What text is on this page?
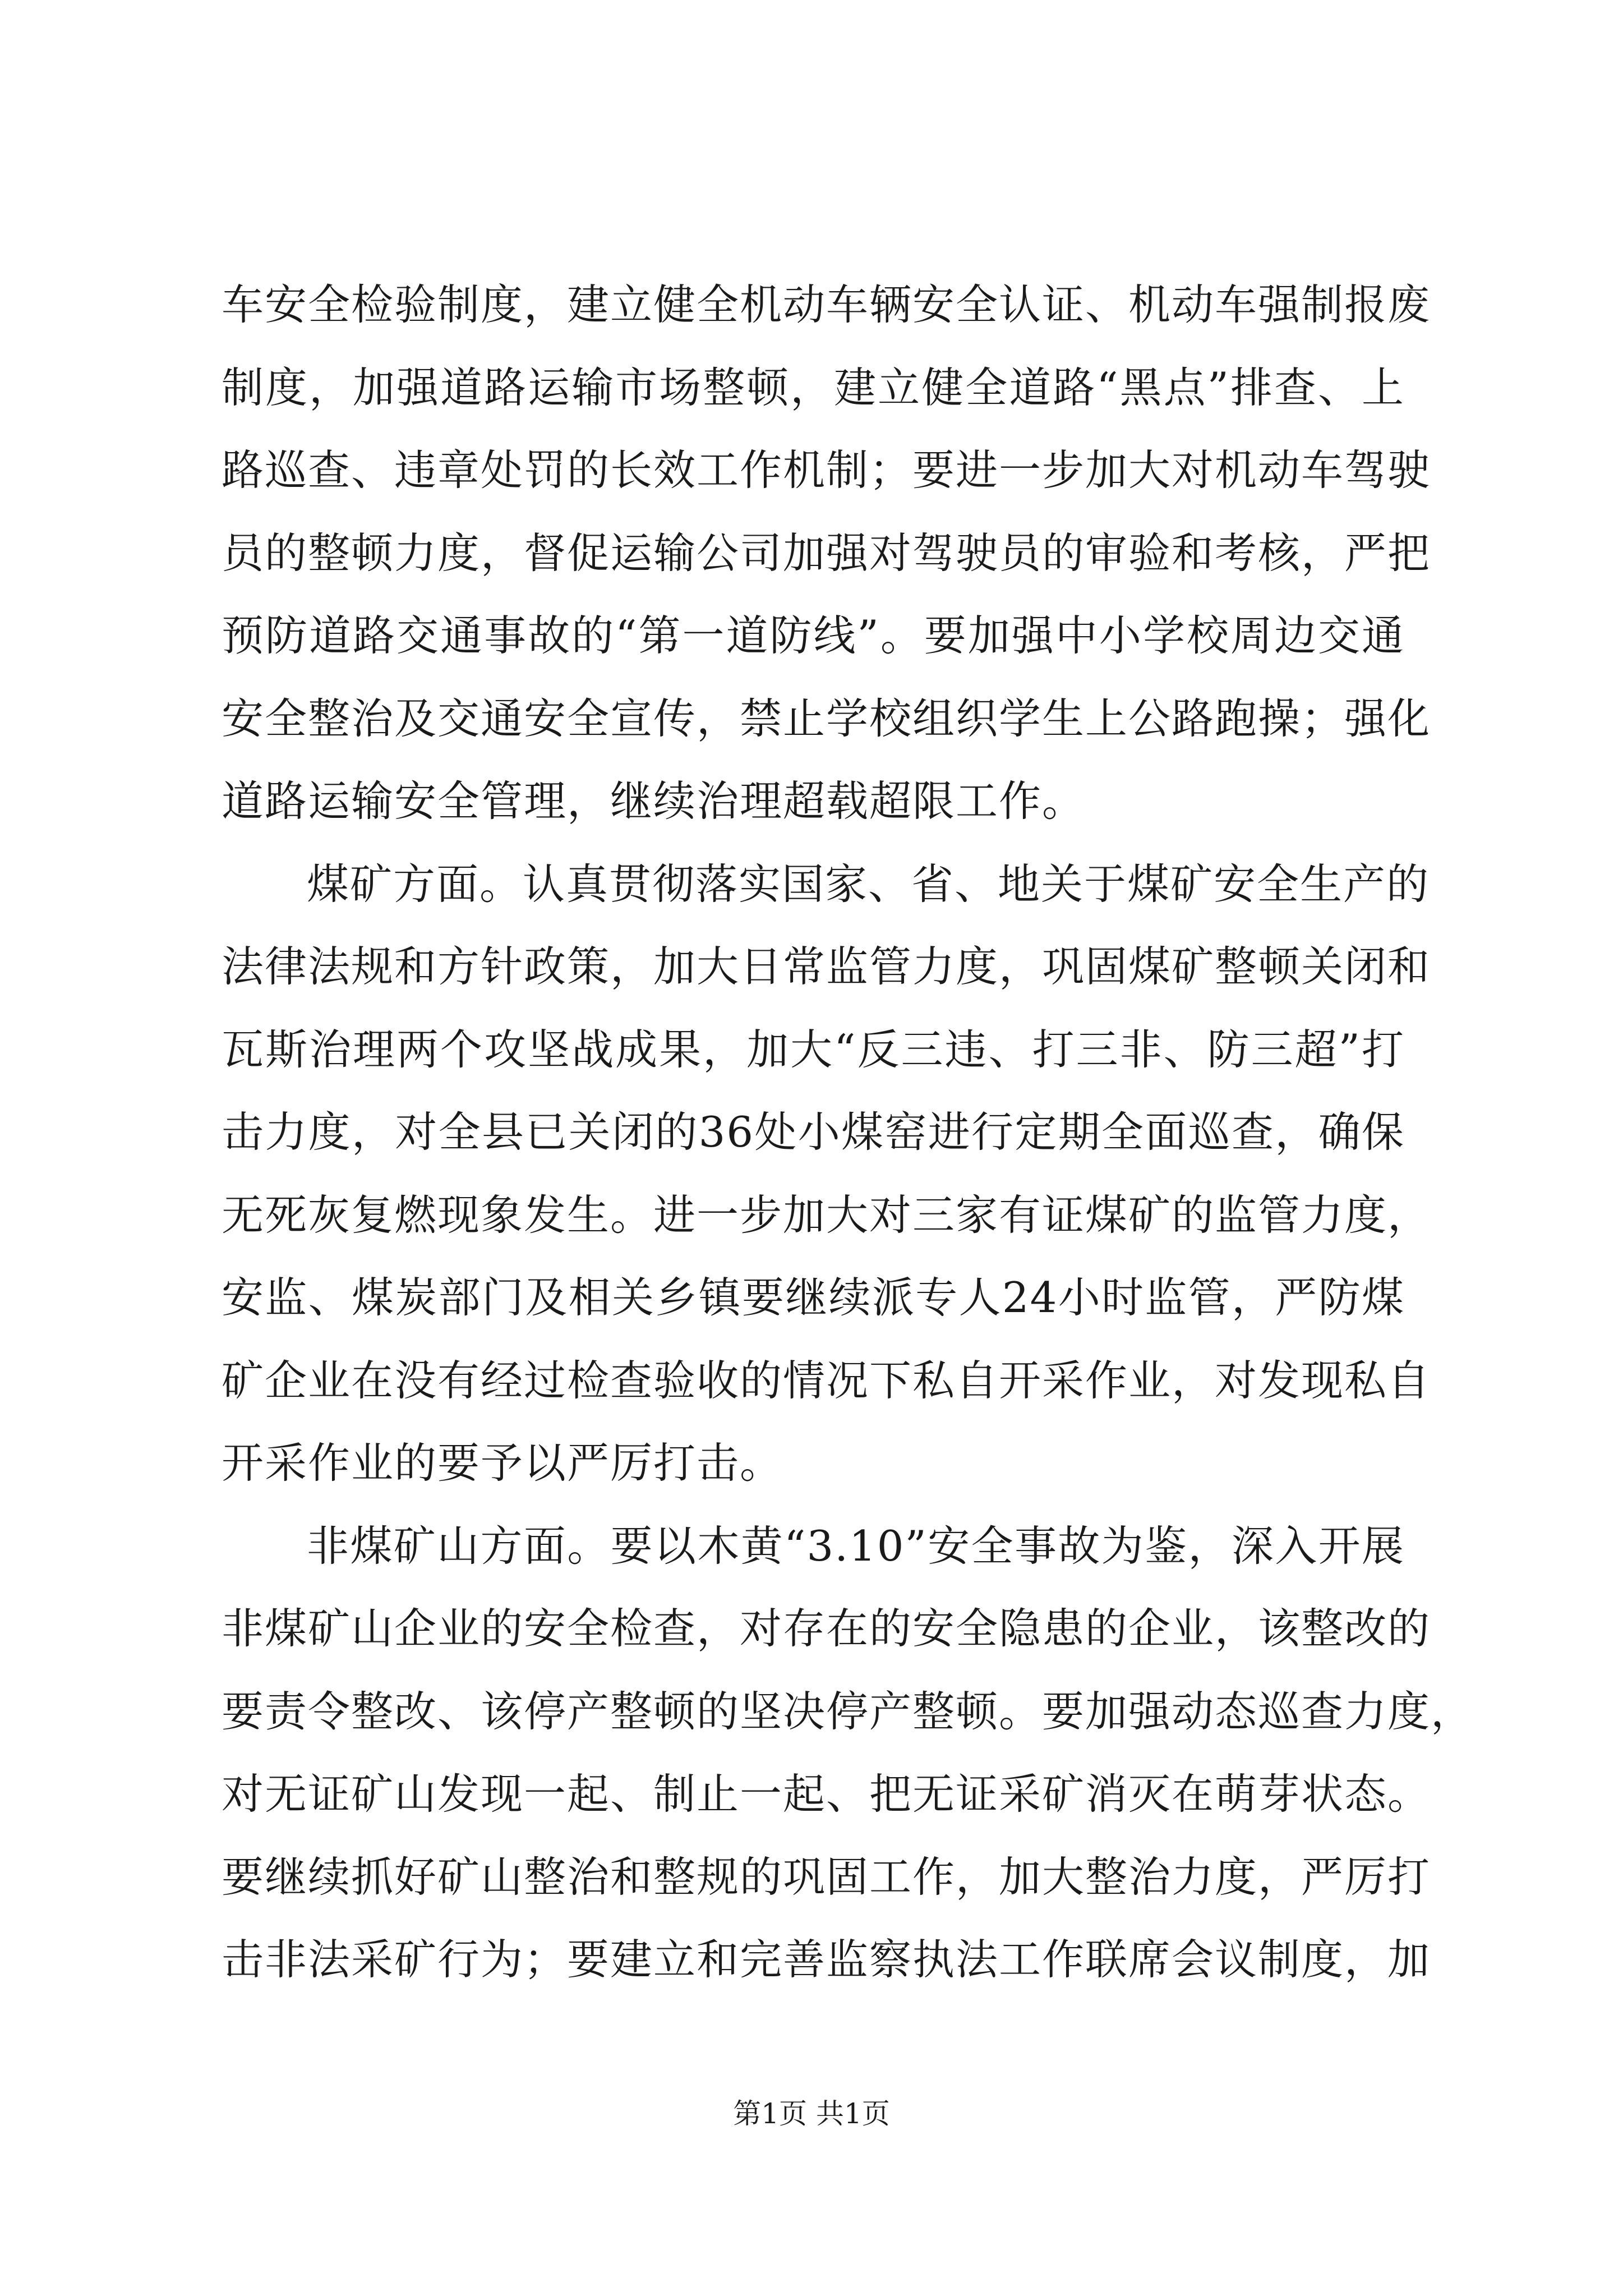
车安全检验制度，建立健全机动车辆安全认证、机动车强制报废
制度，加强道路运输市场整顿，建立健全道路“黑点”排查、上
路巡查、违章处罚的长效工作机制；要进一步加大对机动车驾驶
员的整顿力度，督促运输公司加强对驾驶员的审验和考核，严把
预防道路交通事故的“第一道防线”。要加强中小学校周边交通
安全整治及交通安全宣传，禁止学校组织学生上公路跑操；强化
道路运输安全管理，继续治理超载超限工作。
煤矿方面。认真贯彻落实国家、省、地关于煤矿安全生产的
法律法规和方针政策，加大日常监管力度，巩固煤矿整顿关闭和
瓦斯治理两个攻坚战成果，加大“反三违、打三非、防三超”打
击力度，对全县已关闭的36处小煤窑进行定期全面巡查，确保
无死灰复燃现象发生。进一步加大对三家有证煤矿的监管力度，
安监、煤炭部门及相关乡镇要继续派专人24小时监管，严防煤
矿企业在没有经过检查验收的情况下私自开采作业，对发现私自
开采作业的要予以严厉打击。
非煤矿山方面。要以木黄“3.10”安全事故为鉴，深入开展
非煤矿山企业的安全检查，对存在的安全隐患的企业，该整改的
要责令整改、该停产整顿的坚决停产整顿。要加强动态巡查力度，
对无证矿山发现一起、制止一起、把无证采矿消灭在萌芽状态。
要继续抓好矿山整治和整规的巩固工作，加大整治力度，严厉打
击非法采矿行为；要建立和完善监察执法工作联席会议制度，加
第1页 共1页
